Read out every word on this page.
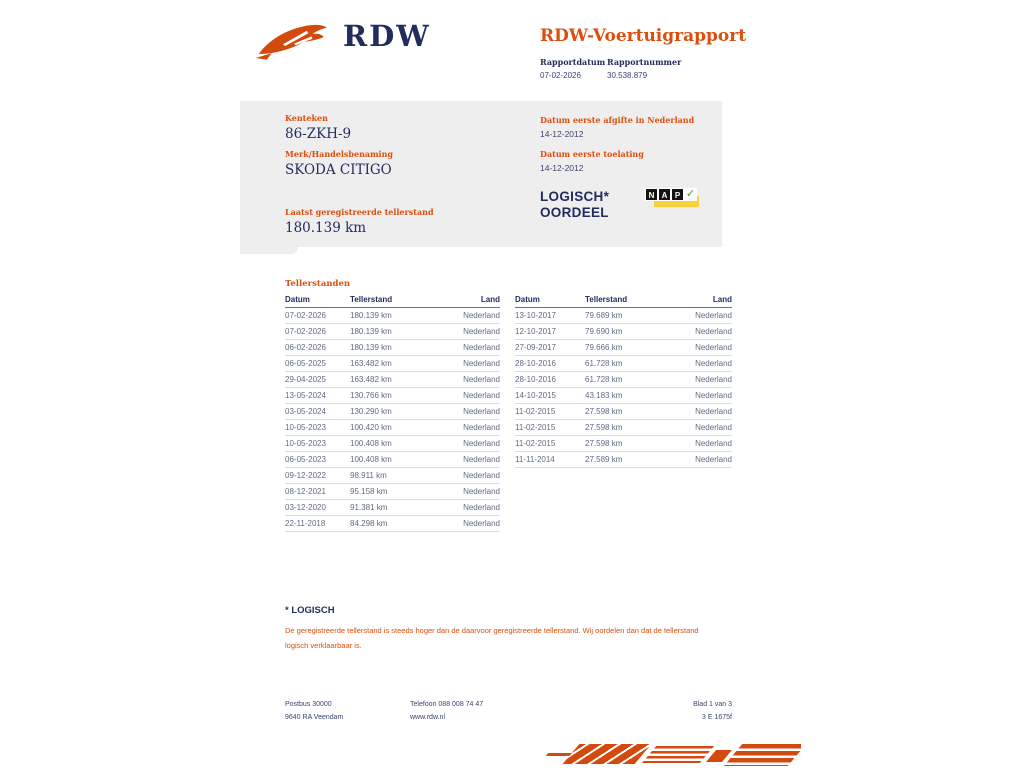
RDW	RDW-Voertuigrapport
Rapportdatum
07-02-2026
Rapportnummer
30.538.879
Kenteken
86-ZKH-9
Merk/Handelsbenaming
SKODA CITIGO
Laatst geregistreerde tellerstand
180.139 km
Datum eerste afgifte in Nederland
14-12-2012
Datum eerste toelating
14-12-2012
LOGISCH*
OORDEEL
N A P ✓
Tellerstanden
Datum	Tellerstand	Land
07-02-2026	180.139 km	Nederland
07-02-2026	180.139 km	Nederland
06-02-2026	180.139 km	Nederland
06-05-2025	163.482 km	Nederland
29-04-2025	163.482 km	Nederland
13-05-2024	130.766 km	Nederland
03-05-2024	130.290 km	Nederland
10-05-2023	100.420 km	Nederland
10-05-2023	100.408 km	Nederland
06-05-2023	100.408 km	Nederland
09-12-2022	98.911 km	Nederland
08-12-2021	95.158 km	Nederland
03-12-2020	91.381 km	Nederland
22-11-2018	84.298 km	Nederland
Datum	Tellerstand	Land
13-10-2017	79.689 km	Nederland
12-10-2017	79.690 km	Nederland
27-09-2017	79.666 km	Nederland
28-10-2016	61.728 km	Nederland
28-10-2016	61.728 km	Nederland
14-10-2015	43.183 km	Nederland
11-02-2015	27.598 km	Nederland
11-02-2015	27.598 km	Nederland
11-02-2015	27.598 km	Nederland
11-11-2014	27.589 km	Nederland
* LOGISCH
De geregistreerde tellerstand is steeds hoger dan de daarvoor geregistreerde tellerstand. Wij oordelen dan dat de tellerstand logisch verklaarbaar is.
Postbus 30000
9640 RA Veendam
Telefoon 088 008 74 47
www.rdw.nl
Blad 1 van 3
3 E 1675f
